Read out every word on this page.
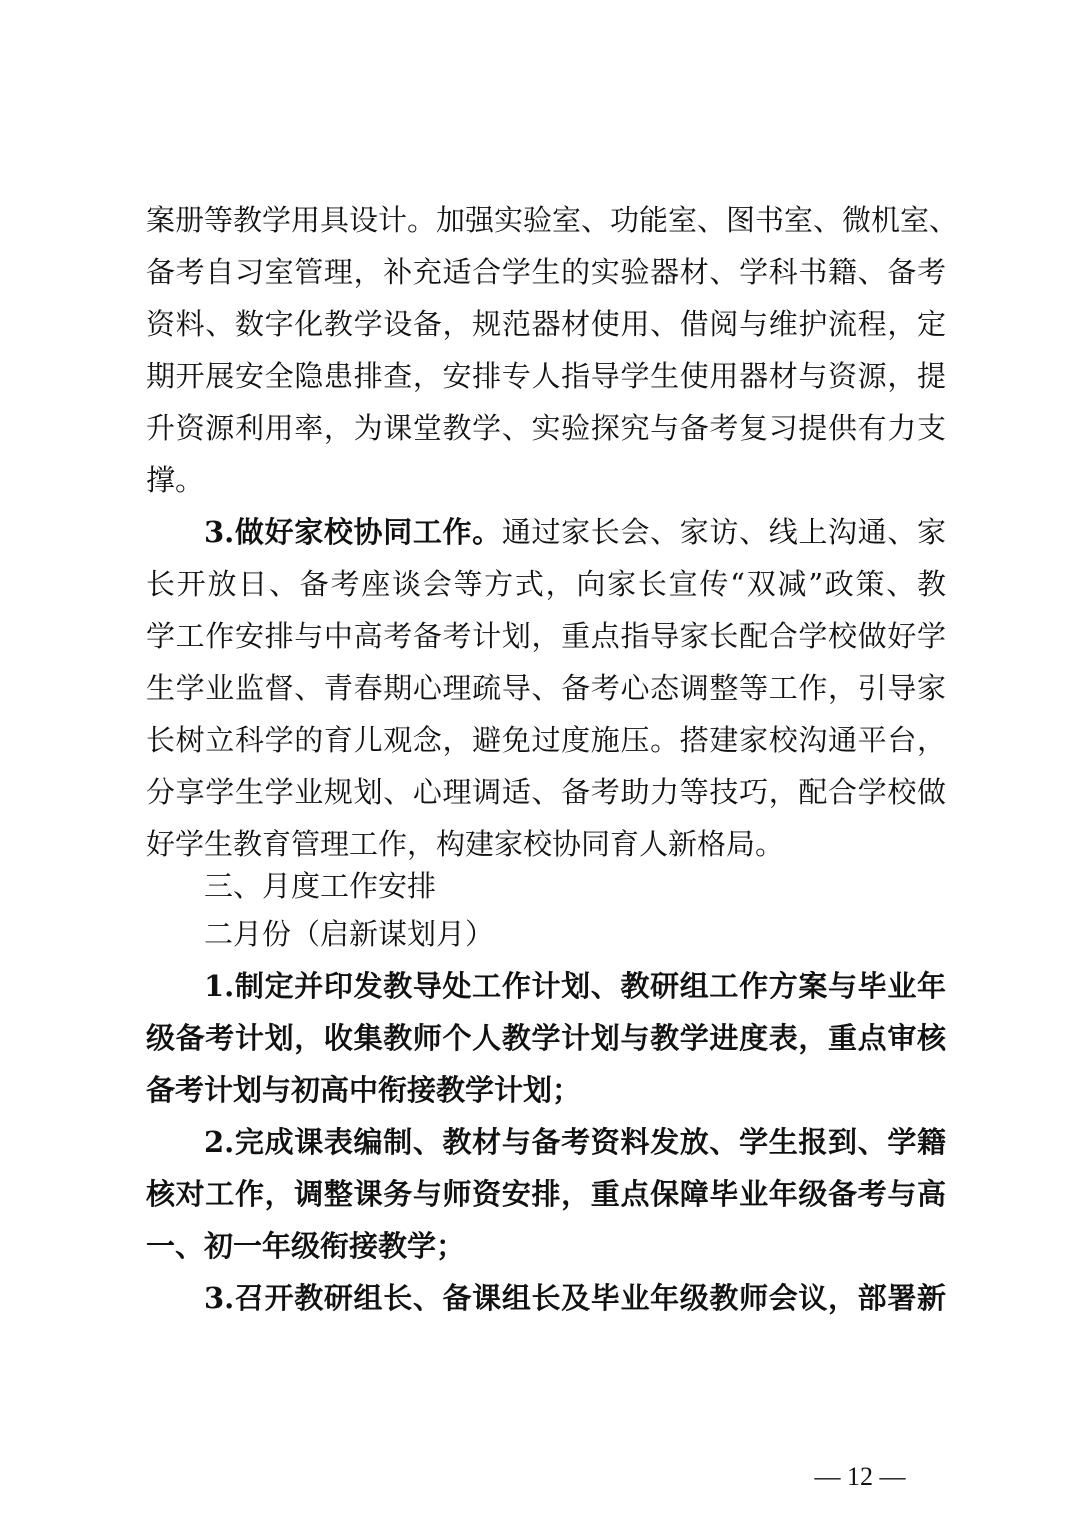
案册等教学用具设计。加强实验室、功能室、图书室、微机室、
备考自习室管理，补充适合学生的实验器材、学科书籍、备考
资料、数字化教学设备，规范器材使用、借阅与维护流程，定
期开展安全隐患排查，安排专人指导学生使用器材与资源，提
升资源利用率，为课堂教学、实验探究与备考复习提供有力支
撑。
3.做好家校协同工作。通过家长会、家访、线上沟通、家
长开放日、备考座谈会等方式，向家长宣传“双减”政策、教
学工作安排与中高考备考计划，重点指导家长配合学校做好学
生学业监督、青春期心理疏导、备考心态调整等工作，引导家
长树立科学的育儿观念，避免过度施压。搭建家校沟通平台，
分享学生学业规划、心理调适、备考助力等技巧，配合学校做
好学生教育管理工作，构建家校协同育人新格局。
三、月度工作安排
二月份（启新谋划月）
1.制定并印发教导处工作计划、教研组工作方案与毕业年
级备考计划，收集教师个人教学计划与教学进度表，重点审核
备考计划与初高中衔接教学计划；
2.完成课表编制、教材与备考资料发放、学生报到、学籍
核对工作，调整课务与师资安排，重点保障毕业年级备考与高
一、初一年级衔接教学；
3.召开教研组长、备课组长及毕业年级教师会议，部署新
— 12 —
